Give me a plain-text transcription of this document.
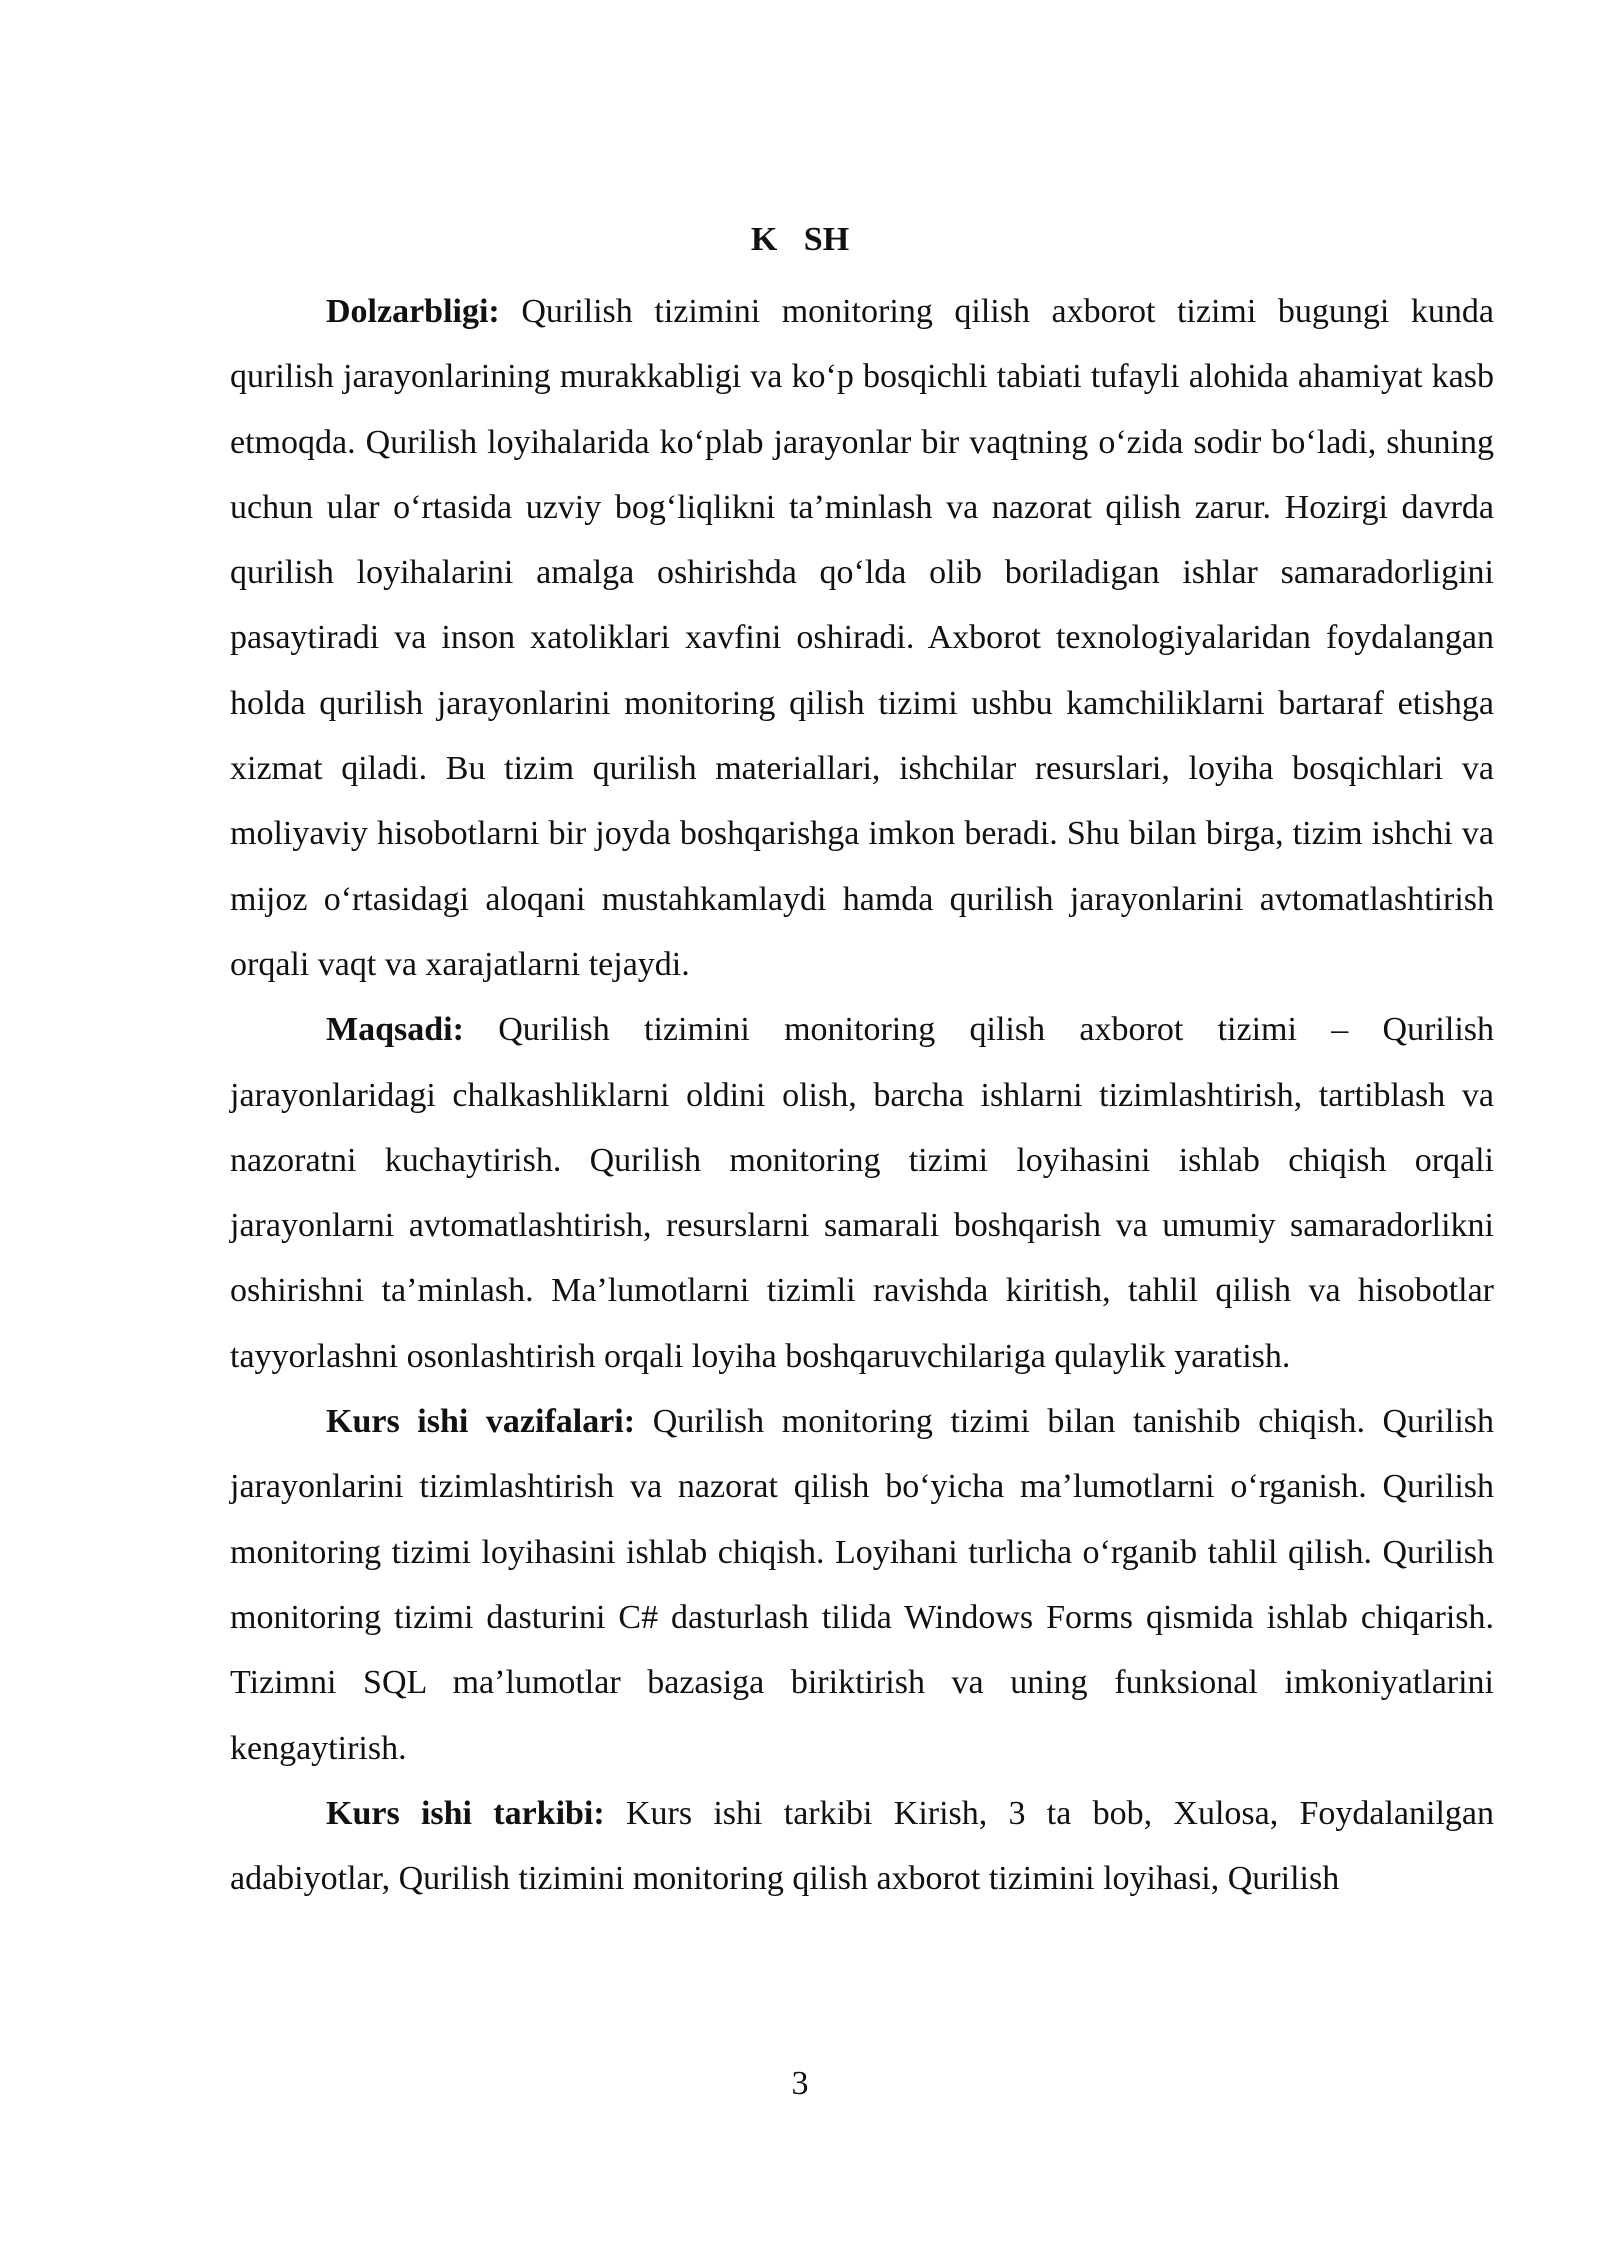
K SH

Dolzarbligi: Qurilish tizimini monitoring qilish axborot tizimi bugungi kunda qurilish jarayonlarining murakkabligi va koʻp bosqichli tabiati tufayli alohida ahamiyat kasb etmoqda. Qurilish loyihalarida koʻplab jarayonlar bir vaqtning oʻzida sodir boʻladi, shuning uchun ular oʻrtasida uzviy bogʻliqlikni taʼminlash va nazorat qilish zarur. Hozirgi davrda qurilish loyihalarini amalga oshirishda qoʻlda olib boriladigan ishlar samaradorligini pasaytiradi va inson xatoliklari xavfini oshiradi. Axborot texnologiyalaridan foydalangan holda qurilish jarayonlarini monitoring qilish tizimi ushbu kamchiliklarni bartaraf etishga xizmat qiladi. Bu tizim qurilish materiallari, ishchilar resurslari, loyiha bosqichlari va moliyaviy hisobotlarni bir joyda boshqarishga imkon beradi. Shu bilan birga, tizim ishchi va mijoz oʻrtasidagi aloqani mustahkamlaydi hamda qurilish jarayonlarini avtomatlashtirish orqali vaqt va xarajatlarni tejaydi.

Maqsadi: Qurilish tizimini monitoring qilish axborot tizimi – Qurilish jarayonlaridagi chalkashliklarni oldini olish, barcha ishlarni tizimlashtirish, tartiblash va nazoratni kuchaytirish. Qurilish monitoring tizimi loyihasini ishlab chiqish orqali jarayonlarni avtomatlashtirish, resurslarni samarali boshqarish va umumiy samaradorlikni oshirishni taʼminlash. Maʼlumotlarni tizimli ravishda kiritish, tahlil qilish va hisobotlar tayyorlashni osonlashtirish orqali loyiha boshqaruvchilariga qulaylik yaratish.

Kurs ishi vazifalari: Qurilish monitoring tizimi bilan tanishib chiqish. Qurilish jarayonlarini tizimlashtirish va nazorat qilish boʻyicha maʼlumotlarni oʻrganish. Qurilish monitoring tizimi loyihasini ishlab chiqish. Loyihani turlicha oʻrganib tahlil qilish. Qurilish monitoring tizimi dasturini C# dasturlash tilida Windows Forms qismida ishlab chiqarish. Tizimni SQL maʼlumotlar bazasiga biriktirish va uning funksional imkoniyatlarini kengaytirish.

Kurs ishi tarkibi: Kurs ishi tarkibi Kirish, 3 ta bob, Xulosa, Foydalanilgan adabiyotlar, Qurilish tizimini monitoring qilish axborot tizimini loyihasi, Qurilish

3
